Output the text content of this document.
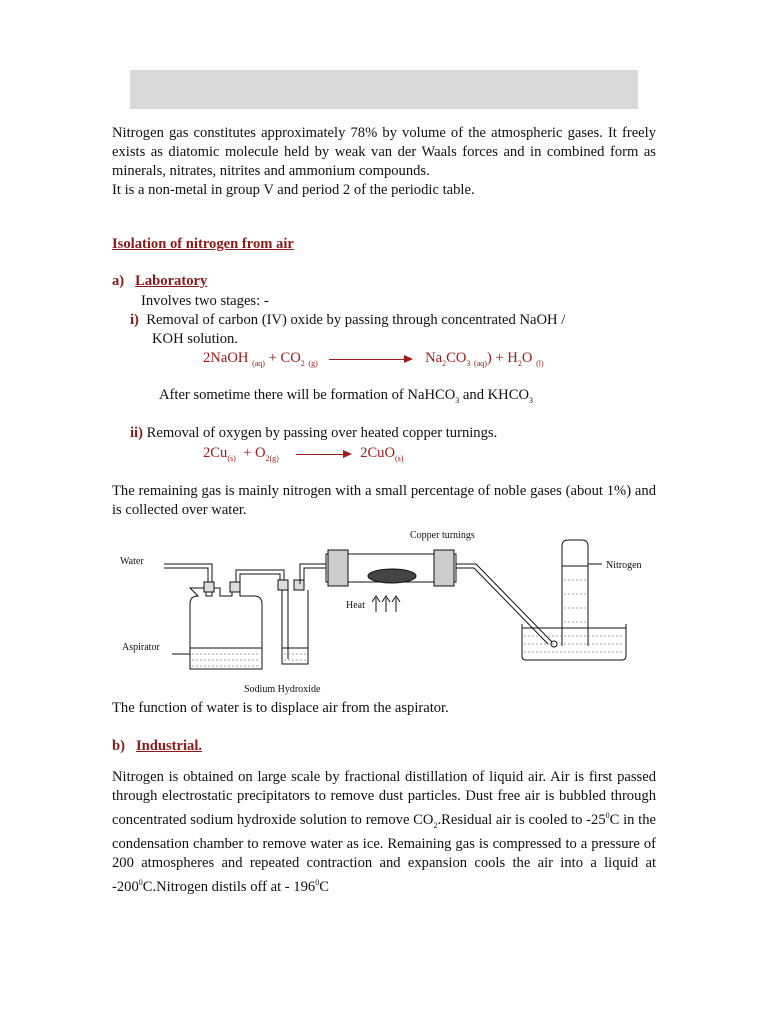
Nitrogen gas constitutes approximately 78% by volume of the atmospheric gases. It freely exists as diatomic molecule held by weak van der Waals forces and in combined form as minerals, nitrates, nitrites and ammonium compounds.
It is a non-metal in group V and period 2 of the periodic table.

Isolation of nitrogen from air
a) Laboratory
Involves two stages: -
i) Removal of carbon (IV) oxide by passing through concentrated NaOH /
KOH solution.
2NaOH $_{(aq)} + CO_2$ $_{(g)}$	$Na_2CO_3$ $_{(aq)}) + H_2O$ $_{(l)}$
After sometime there will be formation of NaHCO$_3$ and $KHCO_3$
ii) Removal of oxygen by passing over heated copper turnings.
$2Cu_{(s)} + O_{2(g)}$	2CuO$_{(s)}$

The remaining gas is mainly nitrogen with a small percentage of noble gases (about 1%) and is collected over water.

Water
Copper turnings
Nitrogen
Heat
Aspirator
Sodium Hydroxide
The function of water is to displace air from the aspirator.
b) Industrial.

Nitrogen is obtained on large scale by fractional distillation of liquid air. Air is first passed through electrostatic precipitators to remove dust particles. Dust free air is bubbled through concentrated sodium hydroxide solution to remove $CO_2.Residual$ air is cooled to $-25^0C$ in the condensation chamber to remove water as ice. Remaining gas is compressed to a pressure of 200 atmospheres and repeated contraction and expansion cools the air into a liquid at $-200^0C.Nitrogen$ distils off at - $196^0C$
